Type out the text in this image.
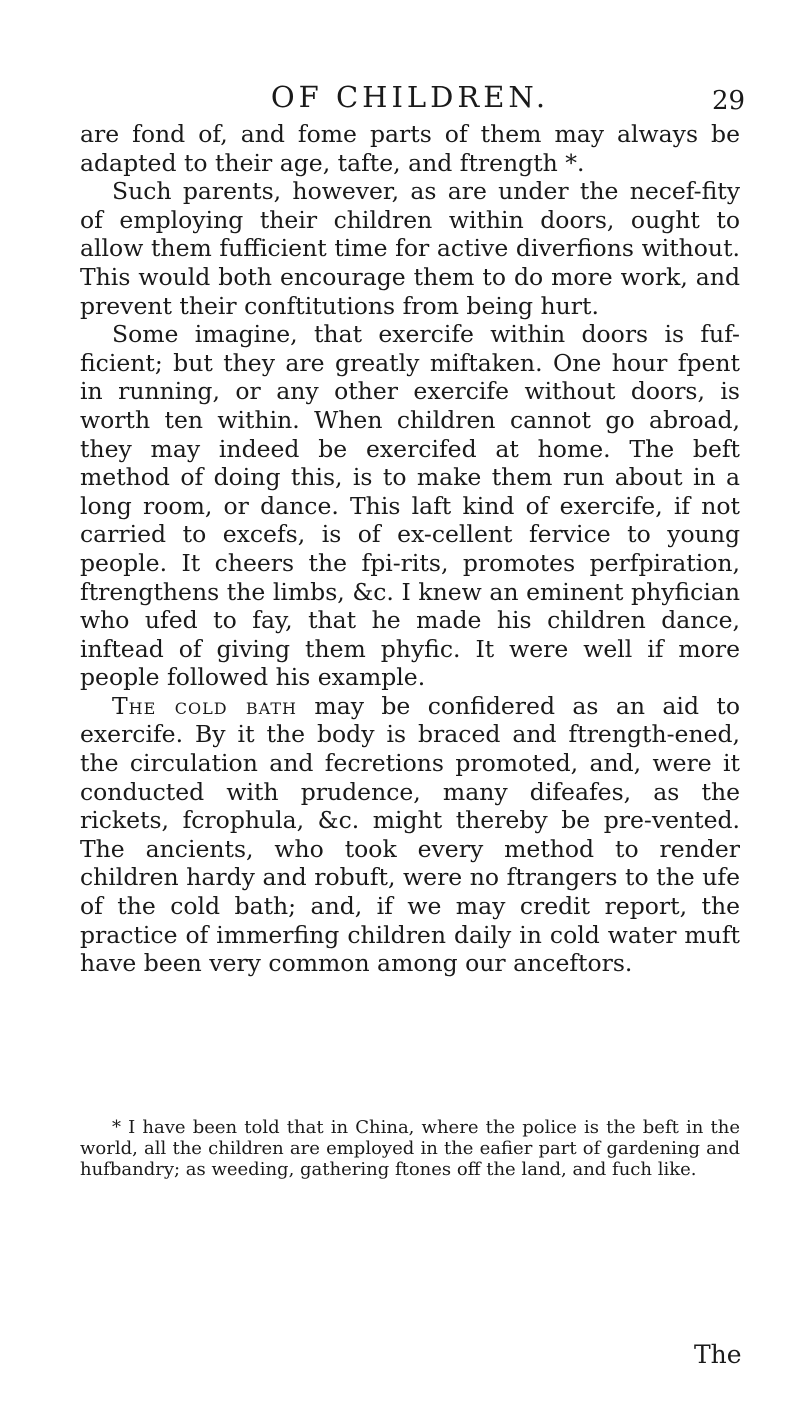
OF CHILDREN.	29

are fond of, and fome parts of them may always be adapted to their age, tafte, and ftrength *.

Such parents, however, as are under the necef-fity of employing their children within doors, ought to allow them fufficient time for active diverfions without. This would both encourage them to do more work, and prevent their conftitutions from being hurt.

Some imagine, that exercife within doors is fuf-ficient; but they are greatly miftaken. One hour fpent in running, or any other exercife without doors, is worth ten within. When children cannot go abroad, they may indeed be exercifed at home. The beft method of doing this, is to make them run about in a long room, or dance. This laft kind of exercife, if not carried to excefs, is of ex-cellent fervice to young people. It cheers the fpi-rits, promotes perfpiration, ftrengthens the limbs, &c. I knew an eminent phyfician who ufed to fay, that he made his children dance, inftead of giving them phyfic. It were well if more people followed his example.

The cold bath may be confidered as an aid to exercife. By it the body is braced and ftrength-ened, the circulation and fecretions promoted, and, were it conducted with prudence, many difeafes, as the rickets, fcrophula, &c. might thereby be pre-vented. The ancients, who took every method to render children hardy and robuft, were no ftrangers to the ufe of the cold bath; and, if we may credit report, the practice of immerfing children daily in cold water muft have been very common among our anceftors.

* I have been told that in China, where the police is the beft in the world, all the children are employed in the eafier part of gardening and hufbandry; as weeding, gathering ftones off the land, and fuch like.
The
